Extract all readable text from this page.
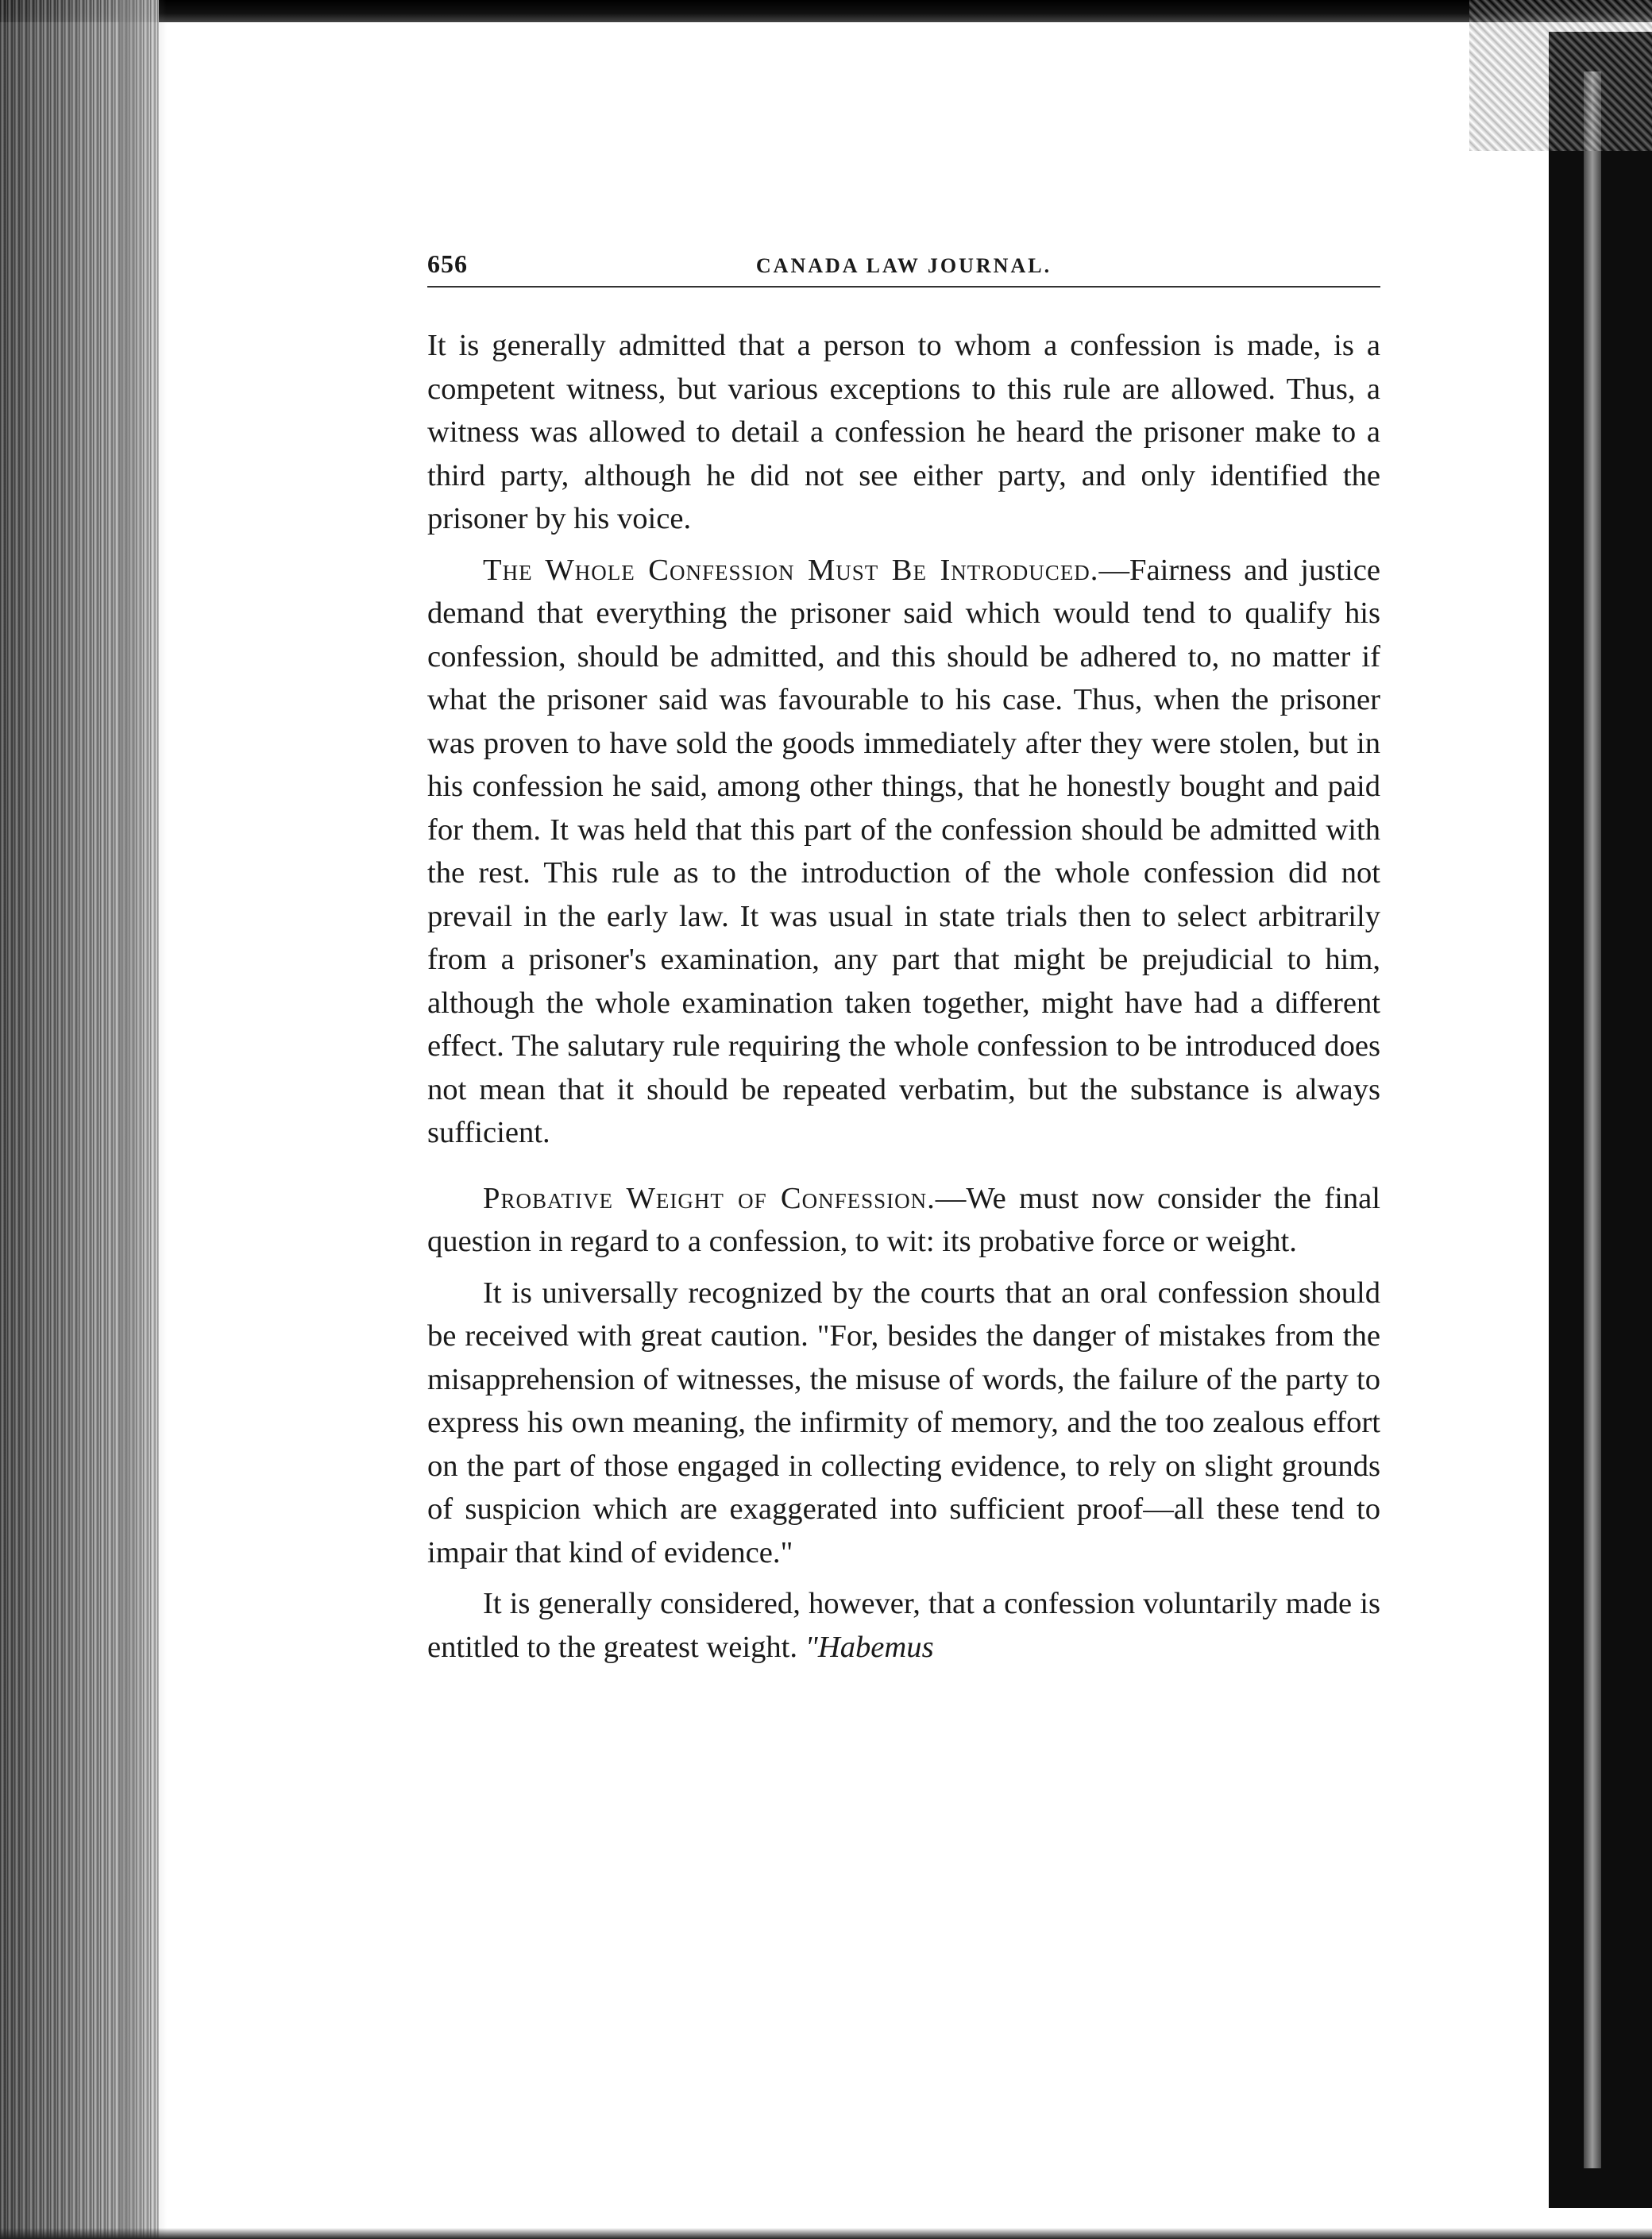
656	CANADA LAW JOURNAL.

It is generally admitted that a person to whom a confession is made, is a competent witness, but various exceptions to this rule are allowed. Thus, a witness was allowed to detail a confession he heard the prisoner make to a third party, although he did not see either party, and only identified the prisoner by his voice.

The Whole Confession Must Be Introduced.—Fairness and justice demand that everything the prisoner said which would tend to qualify his confession, should be admitted, and this should be adhered to, no matter if what the prisoner said was favourable to his case. Thus, when the prisoner was proven to have sold the goods immediately after they were stolen, but in his confession he said, among other things, that he honestly bought and paid for them. It was held that this part of the confession should be admitted with the rest. This rule as to the introduction of the whole confession did not prevail in the early law. It was usual in state trials then to select arbitrarily from a prisoner's examination, any part that might be prejudicial to him, although the whole examination taken together, might have had a different effect. The salutary rule requiring the whole confession to be introduced does not mean that it should be repeated verbatim, but the substance is always sufficient.

Probative Weight of Confession.—We must now consider the final question in regard to a confession, to wit: its probative force or weight.

It is universally recognized by the courts that an oral confession should be received with great caution. "For, besides the danger of mistakes from the misapprehension of witnesses, the misuse of words, the failure of the party to express his own meaning, the infirmity of memory, and the too zealous effort on the part of those engaged in collecting evidence, to rely on slight grounds of suspicion which are exaggerated into sufficient proof—all these tend to impair that kind of evidence."

It is generally considered, however, that a confession voluntarily made is entitled to the greatest weight. "Habemus
